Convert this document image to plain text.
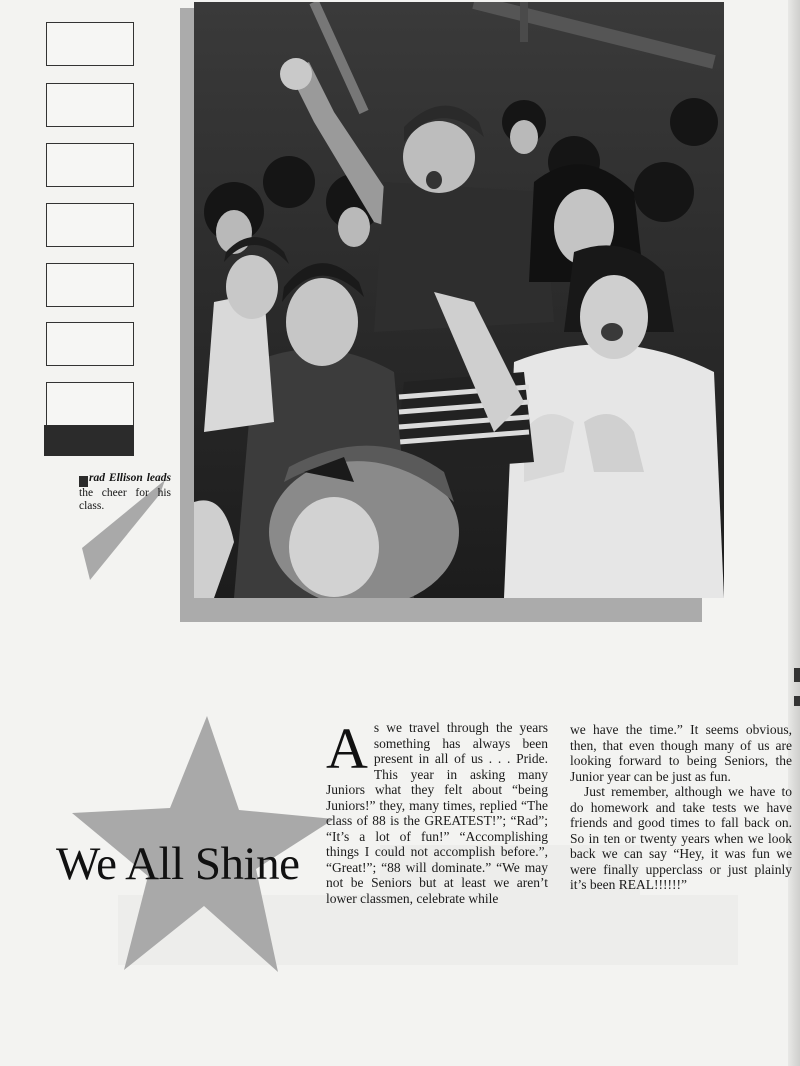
rad Ellison leads the cheer for his class.
We All Shine
A s we travel through the years something has always been present in all of us . . . Pride. This year in asking many Juniors what they felt about “being Juniors!” they, many times, replied “The class of 88 is the GREATEST!”; “Rad”; “It’s a lot of fun!” “Accomplishing things I could not accomplish before.”, “Great!”; “88 will dominate.” “We may not be Seniors but at least we aren’t lower classmen, celebrate while

we have the time.” It seems obvious, then, that even though many of us are looking forward to being Seniors, the Junior year can be just as fun.

Just remember, although we have to do homework and take tests we have friends and good times to fall back on. So in ten or twenty years when we look back we can say “Hey, it was fun we were finally upperclass or just plainly it’s been REAL!!!!!!”
